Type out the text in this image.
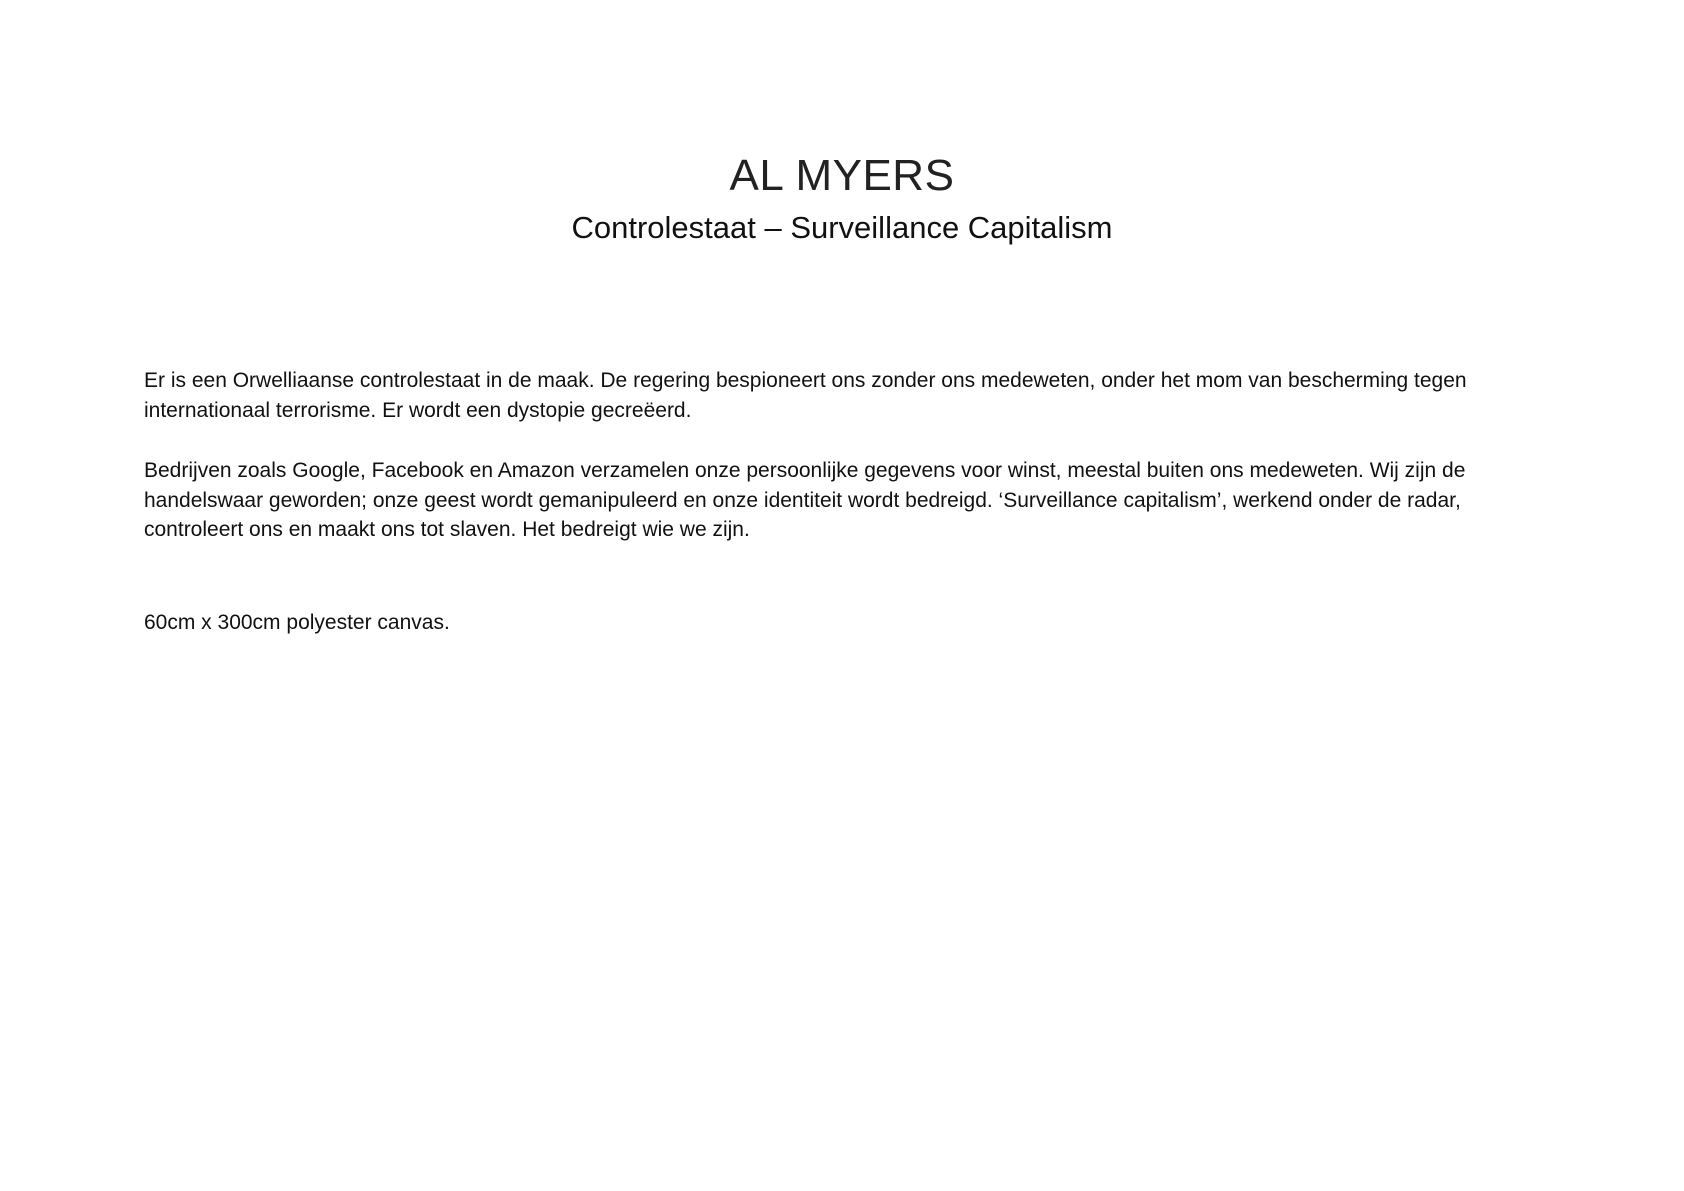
AL MYERS
Controlestaat – Surveillance Capitalism

Er is een Orwelliaanse controlestaat in de maak. De regering bespioneert ons zonder ons medeweten, onder het mom van bescherming tegen internationaal terrorisme. Er wordt een dystopie gecreëerd.

Bedrijven zoals Google, Facebook en Amazon verzamelen onze persoonlijke gegevens voor winst, meestal buiten ons medeweten. Wij zijn de handelswaar geworden; onze geest wordt gemanipuleerd en onze identiteit wordt bedreigd. ‘Surveillance capitalism’, werkend onder de radar, controleert ons en maakt ons tot slaven. Het bedreigt wie we zijn.

60cm x 300cm polyester canvas.
